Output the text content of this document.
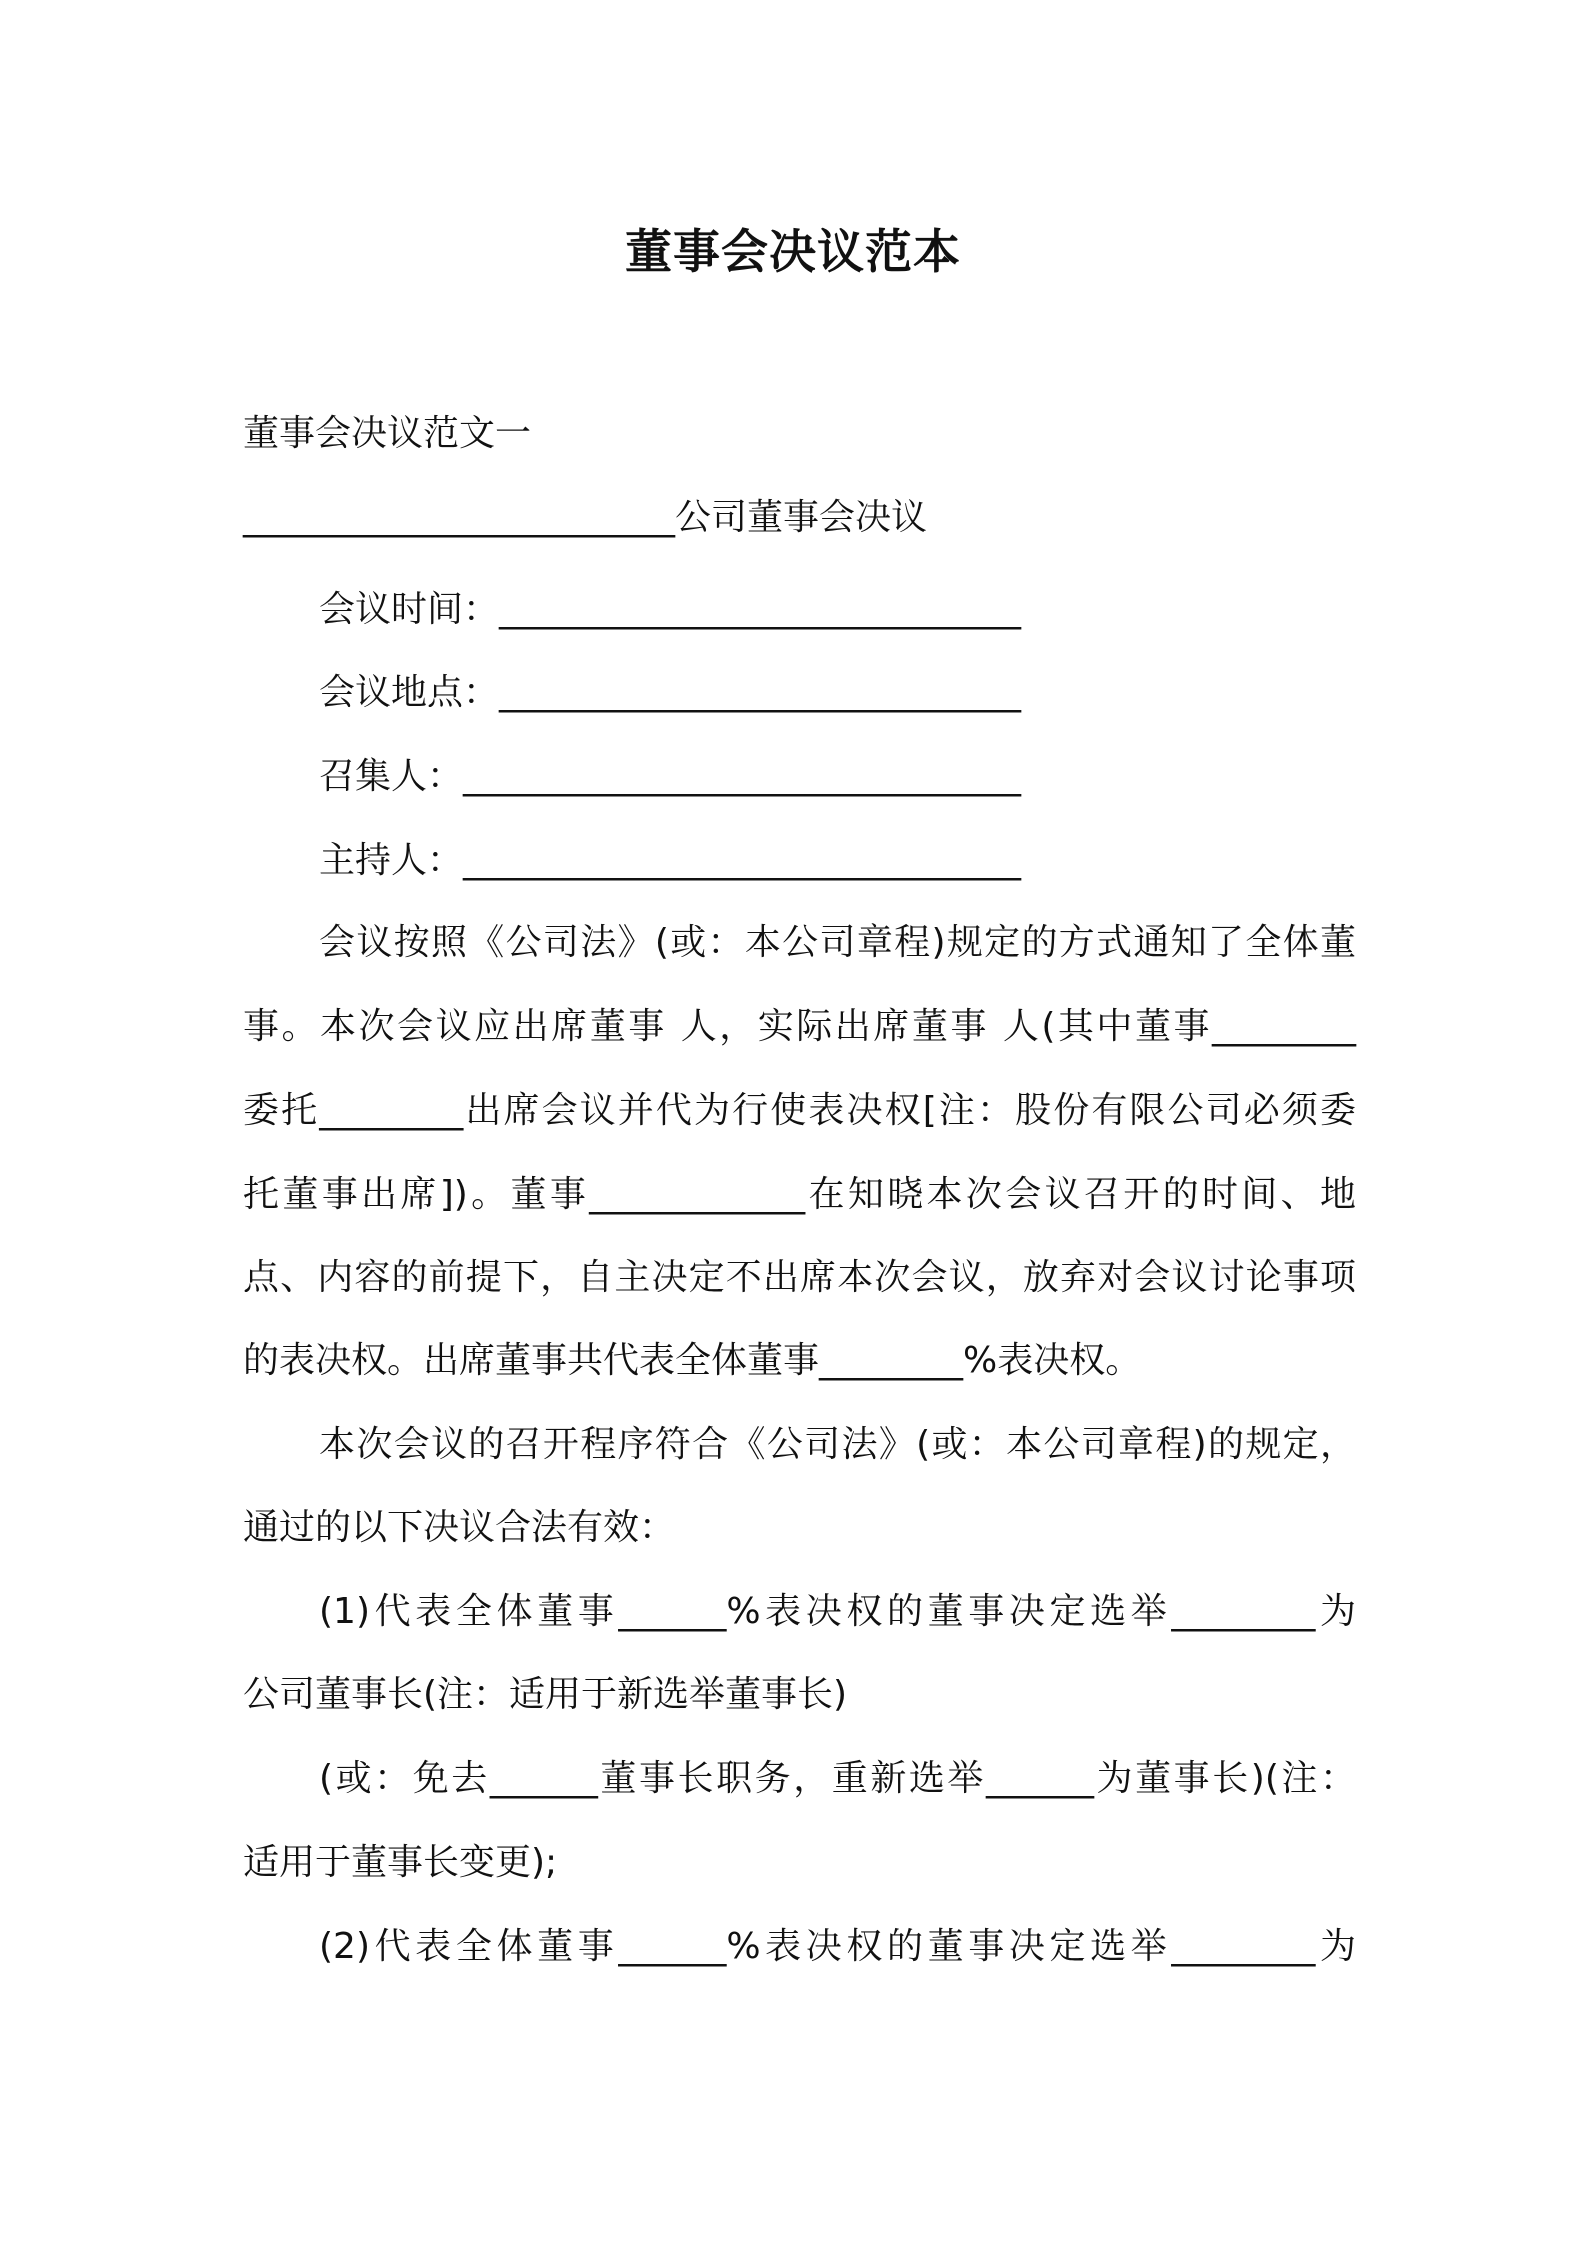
董事会决议范本
董事会决议范文一
________________________公司董事会决议
会议时间：_____________________________
会议地点：_____________________________
召集人：_______________________________
主持人：_______________________________
会议按照《公司法》(或：本公司章程)规定的方式通知了全体董
事。本次会议应出席董事 人，实际出席董事 人(其中董事________
委托________出席会议并代为行使表决权[注：股份有限公司必须委
托董事出席])。董事____________在知晓本次会议召开的时间、地
点、内容的前提下，自主决定不出席本次会议，放弃对会议讨论事项
的表决权。出席董事共代表全体董事________%表决权。
本次会议的召开程序符合《公司法》(或：本公司章程)的规定，
通过的以下决议合法有效：
(1)代表全体董事______%表决权的董事决定选举________为
公司董事长(注：适用于新选举董事长)
(或：免去______董事长职务，重新选举______为董事长)(注：
适用于董事长变更);
(2)代表全体董事______%表决权的董事决定选举________为
